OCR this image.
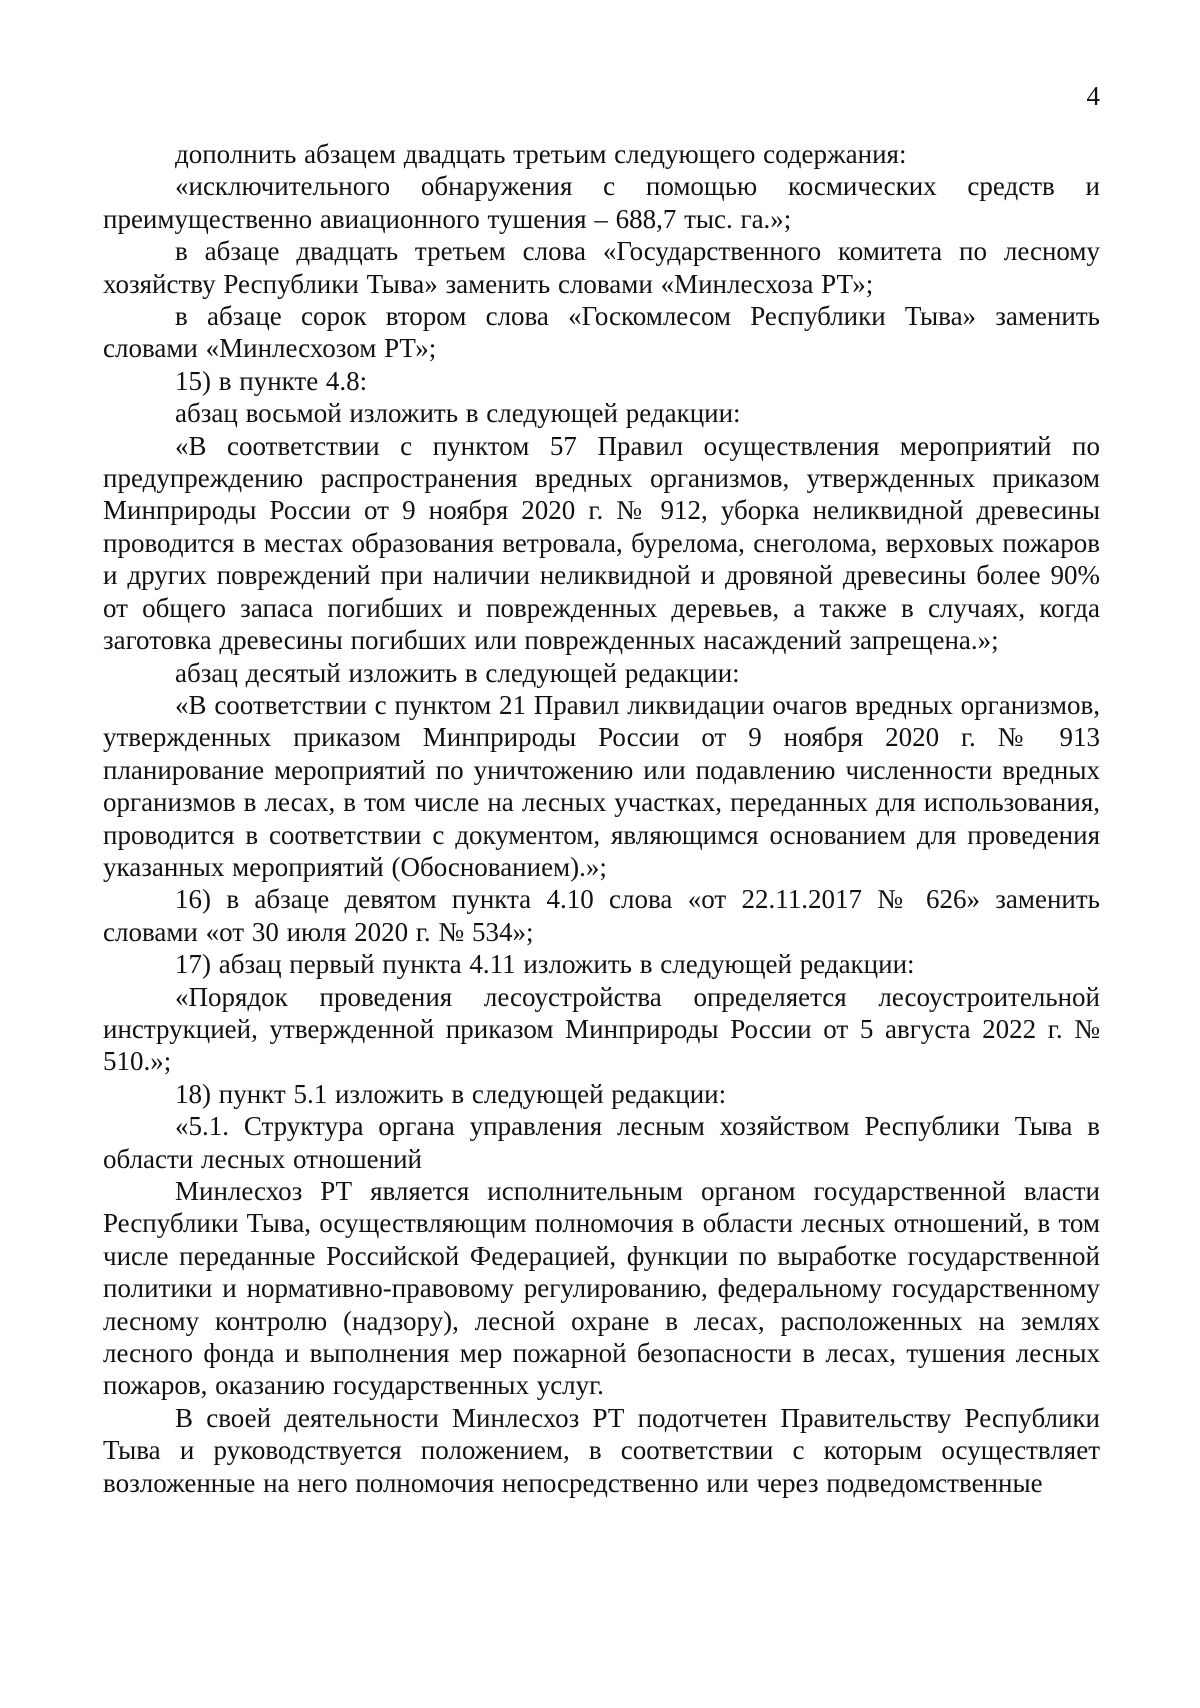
4

дополнить абзацем двадцать третьим следующего содержания:

«исключительного обнаружения с помощью космических средств и преимущественно авиационного тушения – 688,7 тыс. га.»;

в абзаце двадцать третьем слова «Государственного комитета по лесному хозяйству Республики Тыва» заменить словами «Минлесхоза РТ»;

в абзаце сорок втором слова «Госкомлесом Республики Тыва» заменить словами «Минлесхозом РТ»;

15) в пункте 4.8:

абзац восьмой изложить в следующей редакции:

«В соответствии с пунктом 57 Правил осуществления мероприятий по предупреждению распространения вредных организмов, утвержденных приказом Минприроды России от 9 ноября 2020 г. № 912, уборка неликвидной древесины проводится в местах образования ветровала, бурелома, снеголома, верховых пожаров и других повреждений при наличии неликвидной и дровяной древесины более 90% от общего запаса погибших и поврежденных деревьев, а также в случаях, когда заготовка древесины погибших или поврежденных насаждений запрещена.»;

абзац десятый изложить в следующей редакции:

«В соответствии с пунктом 21 Правил ликвидации очагов вредных организмов, утвержденных приказом Минприроды России от 9 ноября 2020 г. № 913 планирование мероприятий по уничтожению или подавлению численности вредных организмов в лесах, в том числе на лесных участках, переданных для использования, проводится в соответствии с документом, являющимся основанием для проведения указанных мероприятий (Обоснованием).»;

16) в абзаце девятом пункта 4.10 слова «от 22.11.2017 № 626» заменить словами «от 30 июля 2020 г. № 534»;

17) абзац первый пункта 4.11 изложить в следующей редакции:

«Порядок проведения лесоустройства определяется лесоустроительной инструкцией, утвержденной приказом Минприроды России от 5 августа 2022 г. № 510.»;

18) пункт 5.1 изложить в следующей редакции:

«5.1. Структура органа управления лесным хозяйством Республики Тыва в области лесных отношений

Минлесхоз РТ является исполнительным органом государственной власти Республики Тыва, осуществляющим полномочия в области лесных отношений, в том числе переданные Российской Федерацией, функции по выработке государственной политики и нормативно-правовому регулированию, федеральному государственному лесному контролю (надзору), лесной охране в лесах, расположенных на землях лесного фонда и выполнения мер пожарной безопасности в лесах, тушения лесных пожаров, оказанию государственных услуг.

В своей деятельности Минлесхоз РТ подотчетен Правительству Республики Тыва и руководствуется положением, в соответствии с которым осуществляет возложенные на него полномочия непосредственно или через подведомственные
